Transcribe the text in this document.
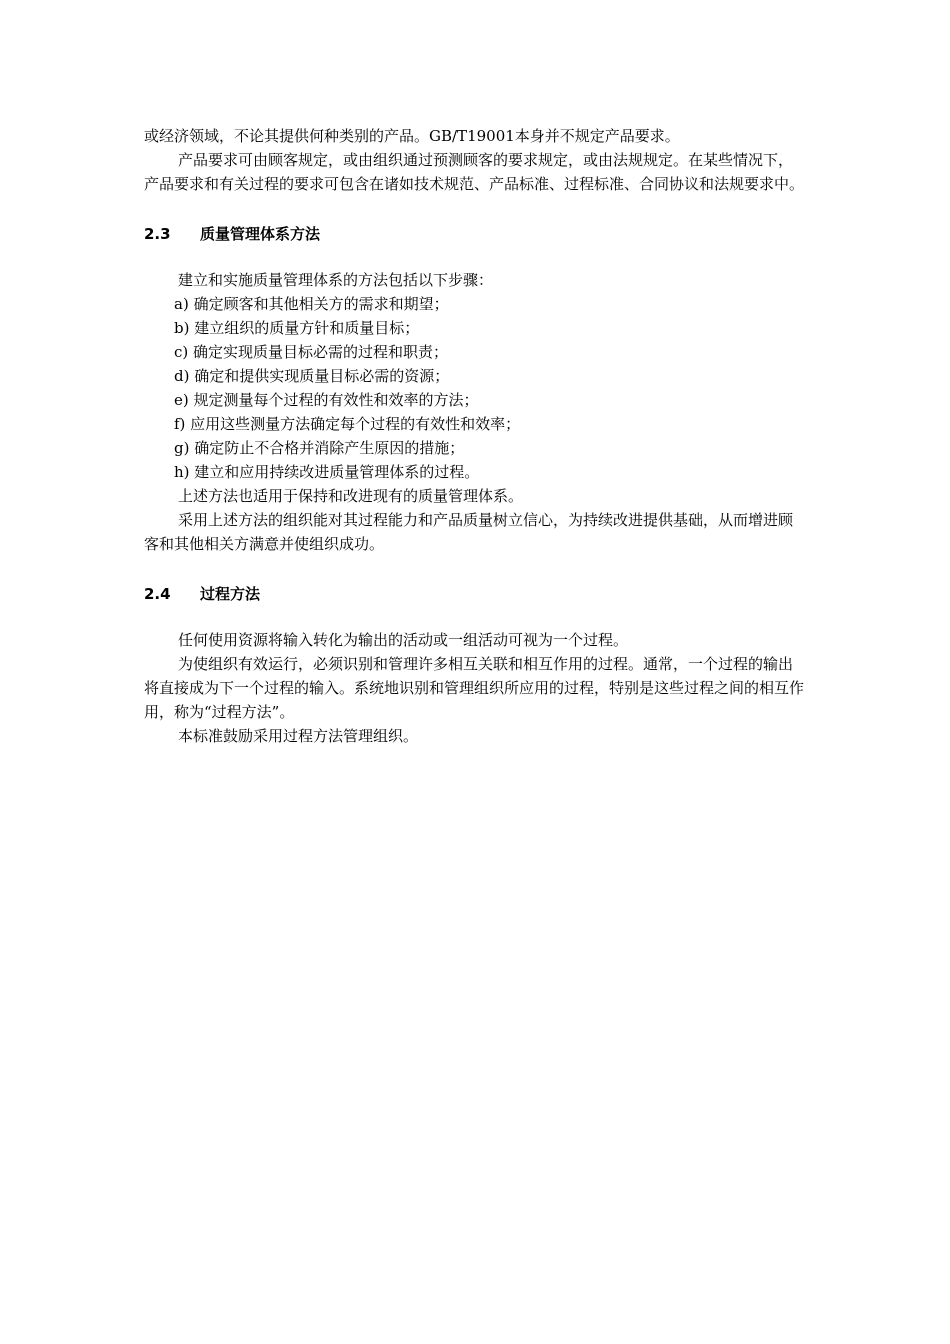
或经济领域，不论其提供何种类别的产品。GB/T19001本身并不规定产品要求。

产品要求可由顾客规定，或由组织通过预测顾客的要求规定，或由法规规定。在某些情况下，产品要求和有关过程的要求可包含在诸如技术规范、产品标准、过程标准、合同协议和法规要求中。

2.3	质量管理体系方法

建立和实施质量管理体系的方法包括以下步骤：

a) 确定顾客和其他相关方的需求和期望；

b) 建立组织的质量方针和质量目标；

c) 确定实现质量目标必需的过程和职责；

d) 确定和提供实现质量目标必需的资源；

e) 规定测量每个过程的有效性和效率的方法；

f) 应用这些测量方法确定每个过程的有效性和效率；

g) 确定防止不合格并消除产生原因的措施；

h) 建立和应用持续改进质量管理体系的过程。

上述方法也适用于保持和改进现有的质量管理体系。

采用上述方法的组织能对其过程能力和产品质量树立信心，为持续改进提供基础，从而增进顾客和其他相关方满意并使组织成功。

2.4	过程方法

任何使用资源将输入转化为输出的活动或一组活动可视为一个过程。

为使组织有效运行，必须识别和管理许多相互关联和相互作用的过程。通常，一个过程的输出将直接成为下一个过程的输入。系统地识别和管理组织所应用的过程，特别是这些过程之间的相互作用，称为“过程方法”。

本标准鼓励采用过程方法管理组织。
